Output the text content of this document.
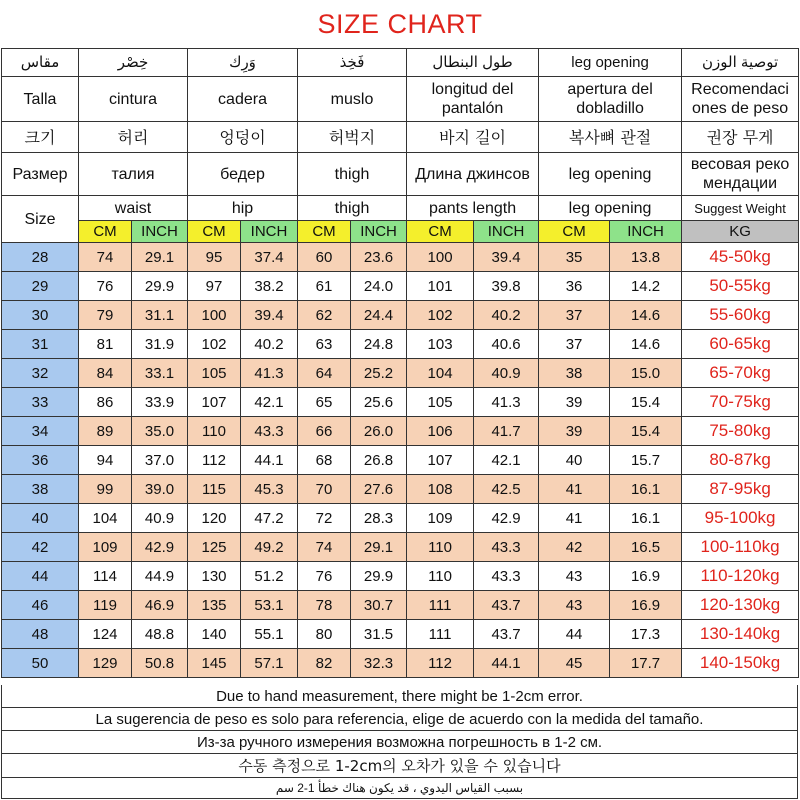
SIZE CHART
مقاس	خِصْر		وَرِك		فَخِذ		طول البنطال		leg opening		توصية الوزن
Talla	cintura		cadera		muslo		longitud del pantalón		apertura del dobladillo		Recomendaci ones de peso
크기	허리		엉덩이		허벅지		바지 길이		복사뼈 관절		권장 무게
Размер	талия		бедер		thigh		Длина джинсов		leg opening		весовая реко мендации
Size	waist		hip		thigh		pants length		leg opening		Suggest Weight
	CM	INCH	CM	INCH	CM	INCH	CM	INCH	CM	INCH	KG
28	74	29.1	95	37.4	60	23.6	100	39.4	35	13.8	45-50kg
29	76	29.9	97	38.2	61	24.0	101	39.8	36	14.2	50-55kg
30	79	31.1	100	39.4	62	24.4	102	40.2	37	14.6	55-60kg
31	81	31.9	102	40.2	63	24.8	103	40.6	37	14.6	60-65kg
32	84	33.1	105	41.3	64	25.2	104	40.9	38	15.0	65-70kg
33	86	33.9	107	42.1	65	25.6	105	41.3	39	15.4	70-75kg
34	89	35.0	110	43.3	66	26.0	106	41.7	39	15.4	75-80kg
36	94	37.0	112	44.1	68	26.8	107	42.1	40	15.7	80-87kg
38	99	39.0	115	45.3	70	27.6	108	42.5	41	16.1	87-95kg
40	104	40.9	120	47.2	72	28.3	109	42.9	41	16.1	95-100kg
42	109	42.9	125	49.2	74	29.1	110	43.3	42	16.5	100-110kg
44	114	44.9	130	51.2	76	29.9	110	43.3	43	16.9	110-120kg
46	119	46.9	135	53.1	78	30.7	111	43.7	43	16.9	120-130kg
48	124	48.8	140	55.1	80	31.5	111	43.7	44	17.3	130-140kg
50	129	50.8	145	57.1	82	32.3	112	44.1	45	17.7	140-150kg
Due to hand measurement, there might be 1-2cm error.
La sugerencia de peso es solo para referencia, elige de acuerdo con la medida del tamaño.
Из-за ручного измерения возможна погрешность в 1-2 см.
수동 측정으로 1-2cm의 오차가 있을 수 있습니다
بسبب القياس اليدوي ، قد يكون هناك خطأ 1-2 سم
